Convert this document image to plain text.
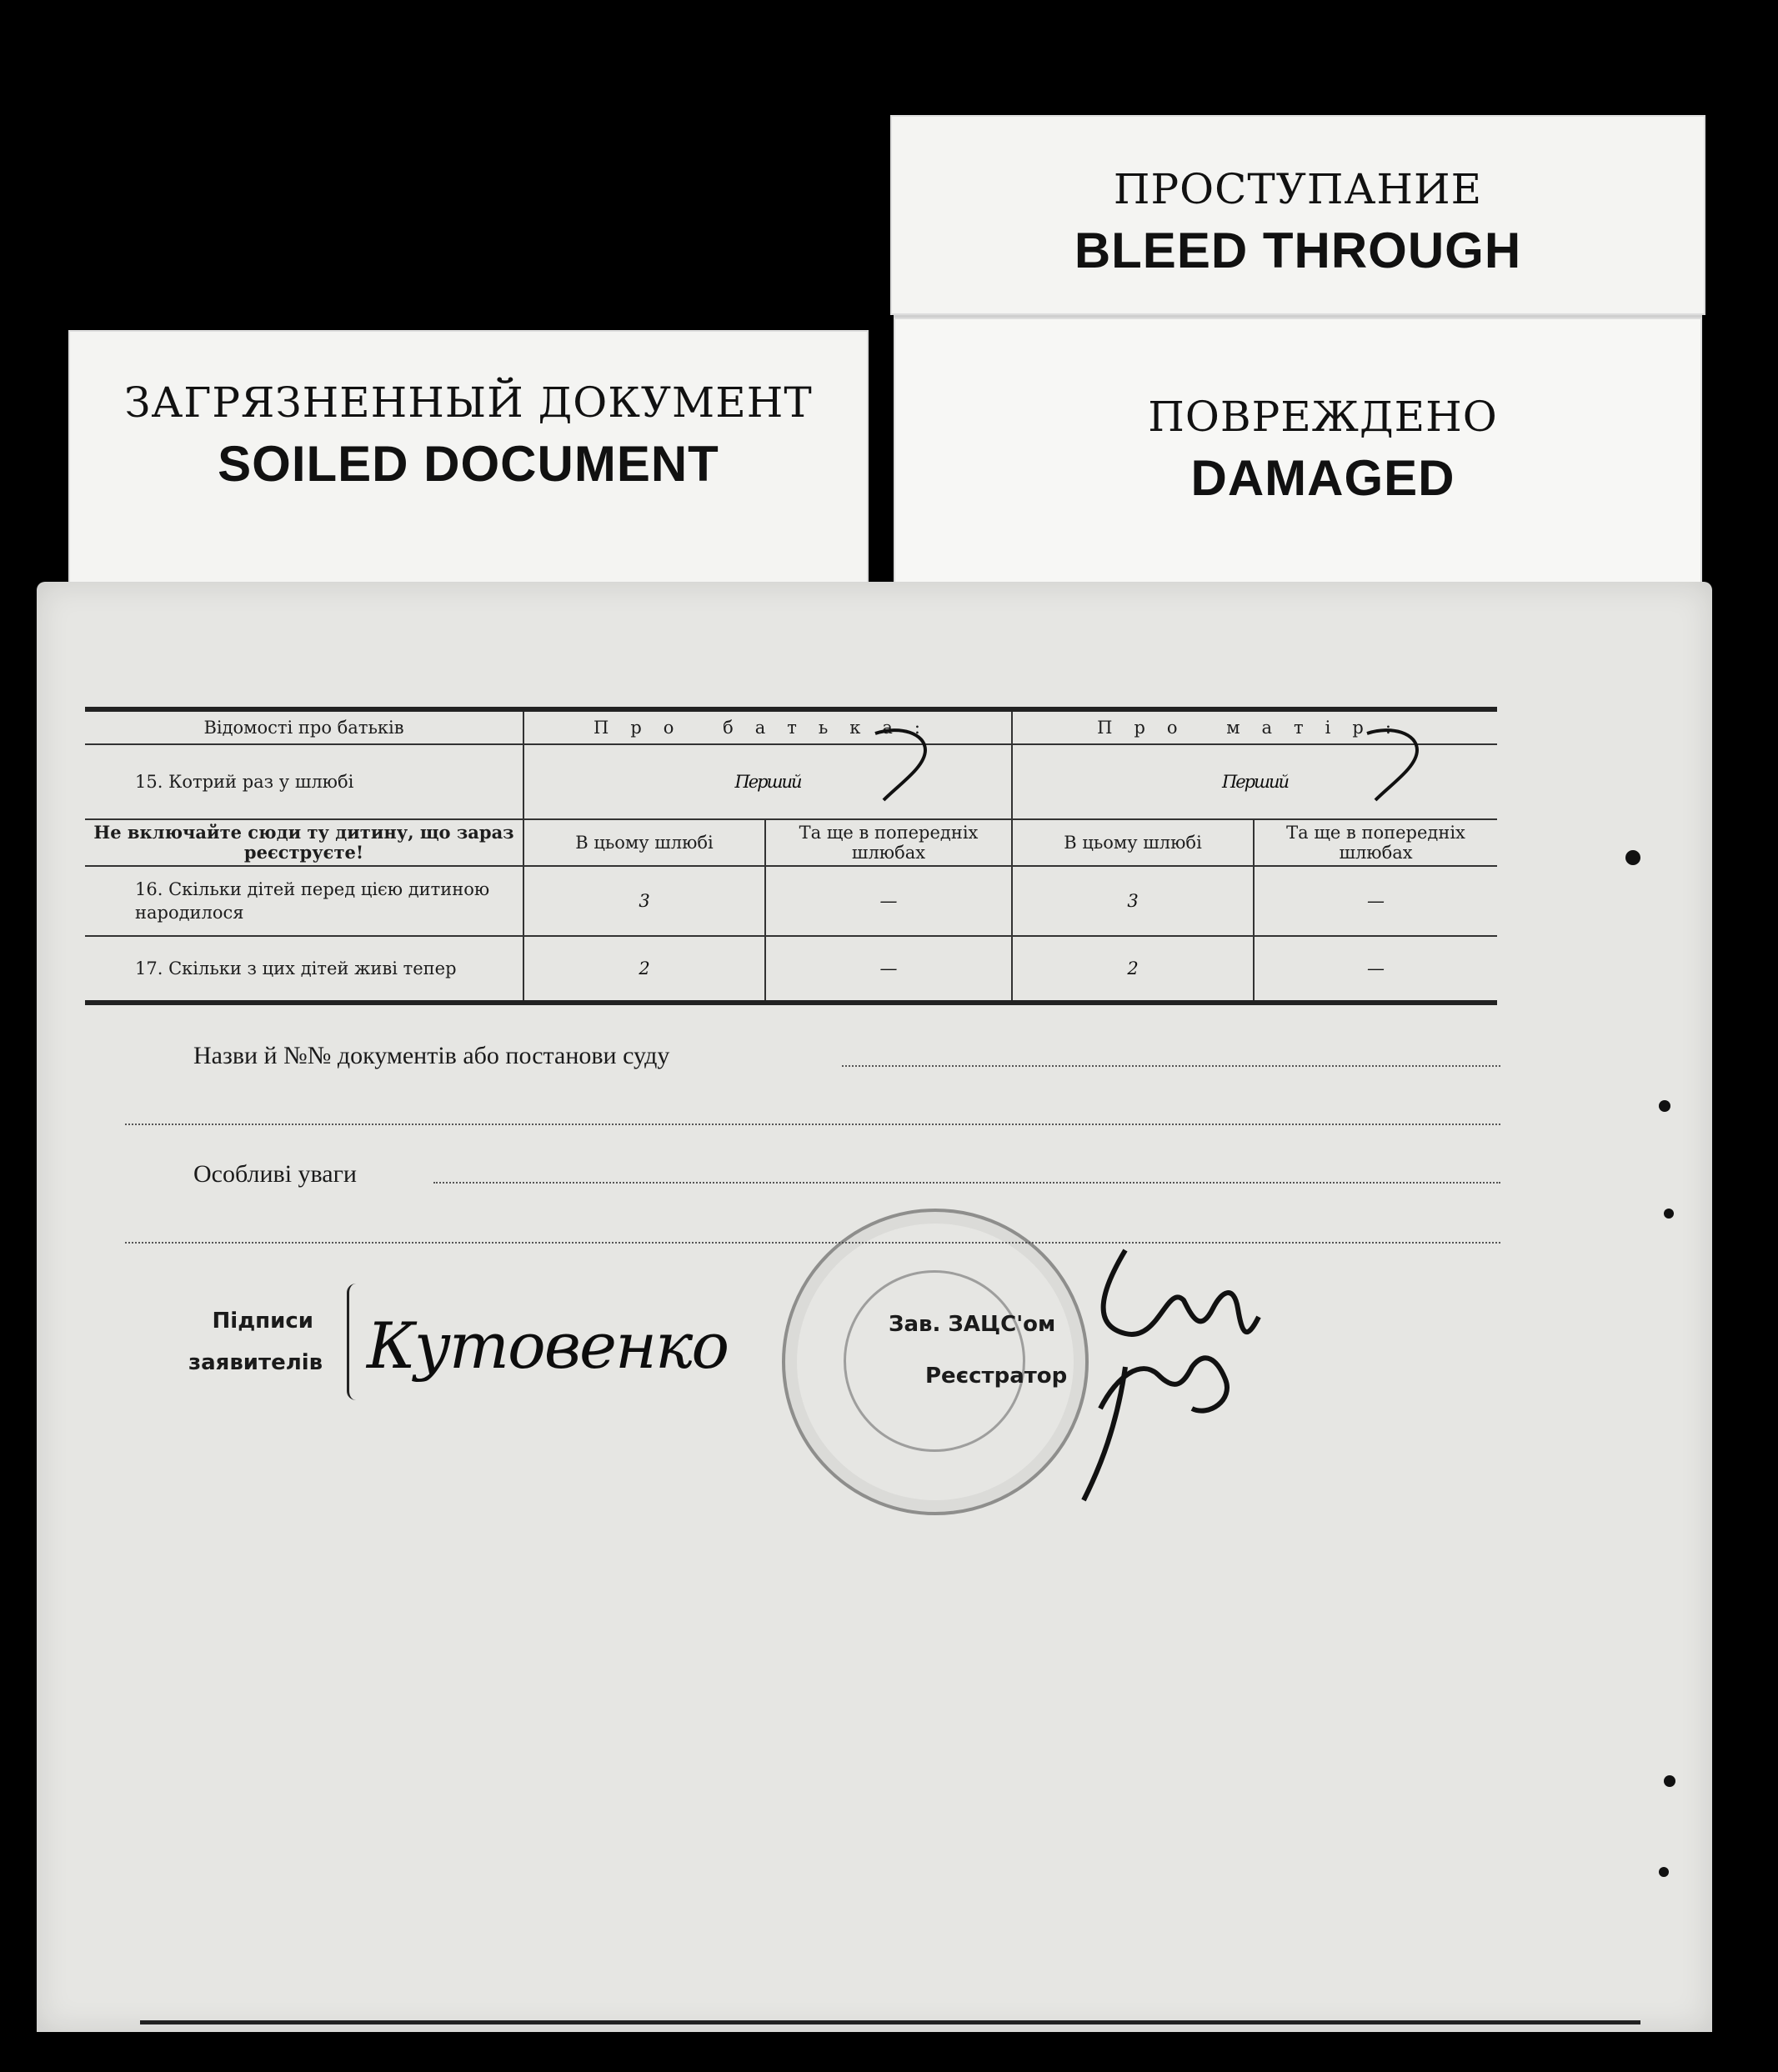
ПРОСТУПАНИЕ
BLEED THROUGH
ПОВРЕЖДЕНО
DAMAGED
ЗАГРЯЗНЕННЫЙ ДОКУМЕНТ
SOILED DOCUMENT
Відомості про батьків	Про батька:		Про матір:	
15. Котрий раз у шлюбі	Перший		Перший	
Не включайте сюди ту дитину, що зараз реєструєте!	В цьому шлюбі	Та ще в попередніх шлюбах	В цьому шлюбі	Та ще в попередніх шлюбах
16. Скільки дітей перед цією дитиною народилося	3	—	3	—
17. Скільки з цих дітей живі тепер	2	—	2	—
Назви й №№ документів або постанови суду
Особливі уваги
Підписи заявителів Кутовенко	Зав. ЗАЦС'ом
Реєстратор
